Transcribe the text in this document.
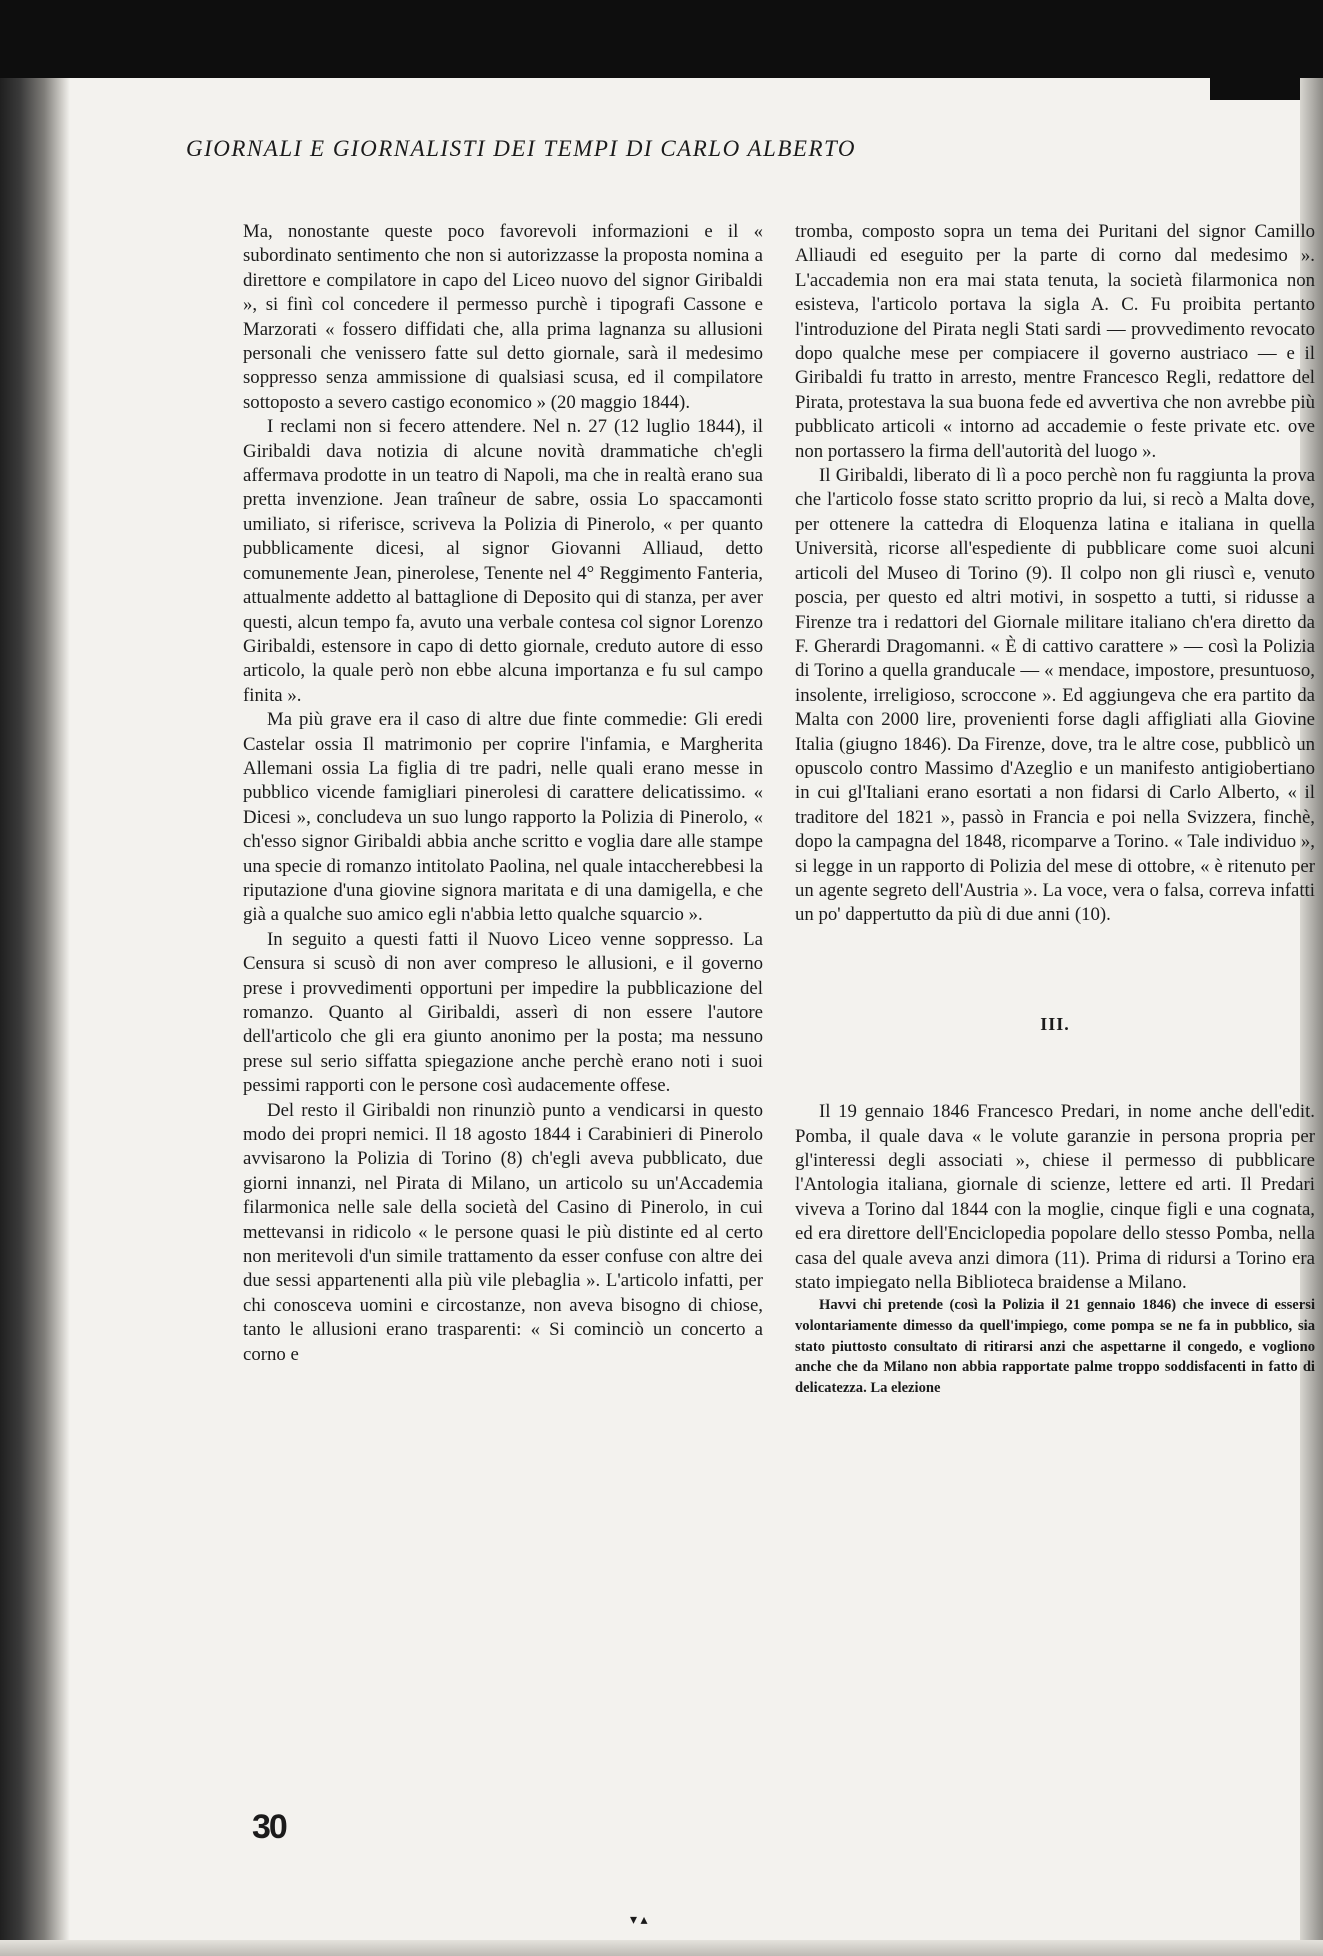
GIORNALI E GIORNALISTI DEI TEMPI DI CARLO ALBERTO

Ma, nonostante queste poco favorevoli informazioni e il « subordinato sentimento che non si autorizzasse la proposta nomina a direttore e compilatore in capo del Liceo nuovo del signor Giribaldi », si finì col concedere il permesso purchè i tipografi Cassone e Marzorati « fossero diffidati che, alla prima lagnanza su allusioni personali che venissero fatte sul detto giornale, sarà il medesimo soppresso senza ammissione di qualsiasi scusa, ed il compilatore sottoposto a severo castigo economico » (20 maggio 1844).

I reclami non si fecero attendere. Nel n. 27 (12 luglio 1844), il Giribaldi dava notizia di alcune novità drammatiche ch'egli affermava prodotte in un teatro di Napoli, ma che in realtà erano sua pretta invenzione. Jean traîneur de sabre, ossia Lo spaccamonti umiliato, si riferisce, scriveva la Polizia di Pinerolo, « per quanto pubblicamente dicesi, al signor Giovanni Alliaud, detto comunemente Jean, pinerolese, Tenente nel 4° Reggimento Fanteria, attualmente addetto al battaglione di Deposito qui di stanza, per aver questi, alcun tempo fa, avuto una verbale contesa col signor Lorenzo Giribaldi, estensore in capo di detto giornale, creduto autore di esso articolo, la quale però non ebbe alcuna importanza e fu sul campo finita ».

Ma più grave era il caso di altre due finte commedie: Gli eredi Castelar ossia Il matrimonio per coprire l'infamia, e Margherita Allemani ossia La figlia di tre padri, nelle quali erano messe in pubblico vicende famigliari pinerolesi di carattere delicatissimo. « Dicesi », concludeva un suo lungo rapporto la Polizia di Pinerolo, « ch'esso signor Giribaldi abbia anche scritto e voglia dare alle stampe una specie di romanzo intitolato Paolina, nel quale intaccherebbesi la riputazione d'una giovine signora maritata e di una damigella, e che già a qualche suo amico egli n'abbia letto qualche squarcio ».

In seguito a questi fatti il Nuovo Liceo venne soppresso. La Censura si scusò di non aver compreso le allusioni, e il governo prese i provvedimenti opportuni per impedire la pubblicazione del romanzo. Quanto al Giribaldi, asserì di non essere l'autore dell'articolo che gli era giunto anonimo per la posta; ma nessuno prese sul serio siffatta spiegazione anche perchè erano noti i suoi pessimi rapporti con le persone così audacemente offese.

Del resto il Giribaldi non rinunziò punto a vendicarsi in questo modo dei propri nemici. Il 18 agosto 1844 i Carabinieri di Pinerolo avvisarono la Polizia di Torino (8) ch'egli aveva pubblicato, due giorni innanzi, nel Pirata di Milano, un articolo su un'Accademia filarmonica nelle sale della società del Casino di Pinerolo, in cui mettevansi in ridicolo « le persone quasi le più distinte ed al certo non meritevoli d'un simile trattamento da esser confuse con altre dei due sessi appartenenti alla più vile plebaglia ». L'articolo infatti, per chi conosceva uomini e circostanze, non aveva bisogno di chiose, tanto le allusioni erano trasparenti: « Si cominciò un concerto a corno e

tromba, composto sopra un tema dei Puritani del signor Camillo Alliaudi ed eseguito per la parte di corno dal medesimo ». L'accademia non era mai stata tenuta, la società filarmonica non esisteva, l'articolo portava la sigla A. C. Fu proibita pertanto l'introduzione del Pirata negli Stati sardi — provvedimento revocato dopo qualche mese per compiacere il governo austriaco — e il Giribaldi fu tratto in arresto, mentre Francesco Regli, redattore del Pirata, protestava la sua buona fede ed avvertiva che non avrebbe più pubblicato articoli « intorno ad accademie o feste private etc. ove non portassero la firma dell'autorità del luogo ».

Il Giribaldi, liberato di lì a poco perchè non fu raggiunta la prova che l'articolo fosse stato scritto proprio da lui, si recò a Malta dove, per ottenere la cattedra di Eloquenza latina e italiana in quella Università, ricorse all'espediente di pubblicare come suoi alcuni articoli del Museo di Torino (9). Il colpo non gli riuscì e, venuto poscia, per questo ed altri motivi, in sospetto a tutti, si ridusse a Firenze tra i redattori del Giornale militare italiano ch'era diretto da F. Gherardi Dragomanni. « È di cattivo carattere » — così la Polizia di Torino a quella granducale — « mendace, impostore, presuntuoso, insolente, irreligioso, scroccone ». Ed aggiungeva che era partito da Malta con 2000 lire, provenienti forse dagli affigliati alla Giovine Italia (giugno 1846). Da Firenze, dove, tra le altre cose, pubblicò un opuscolo contro Massimo d'Azeglio e un manifesto antigiobertiano in cui gl'Italiani erano esortati a non fidarsi di Carlo Alberto, « il traditore del 1821 », passò in Francia e poi nella Svizzera, finchè, dopo la campagna del 1848, ricomparve a Torino. « Tale individuo », si legge in un rapporto di Polizia del mese di ottobre, « è ritenuto per un agente segreto dell'Austria ». La voce, vera o falsa, correva infatti un po' dappertutto da più di due anni (10).

III.

Il 19 gennaio 1846 Francesco Predari, in nome anche dell'edit. Pomba, il quale dava « le volute garanzie in persona propria per gl'interessi degli associati », chiese il permesso di pubblicare l'Antologia italiana, giornale di scienze, lettere ed arti. Il Predari viveva a Torino dal 1844 con la moglie, cinque figli e una cognata, ed era direttore dell'Enciclopedia popolare dello stesso Pomba, nella casa del quale aveva anzi dimora (11). Prima di ridursi a Torino era stato impiegato nella Biblioteca braidense a Milano.

Havvi chi pretende (così la Polizia il 21 gennaio 1846) che invece di essersi volontariamente dimesso da quell'impiego, come pompa se ne fa in pubblico, sia stato piuttosto consultato di ritirarsi anzi che aspettarne il congedo, e vogliono anche che da Milano non abbia rapportate palme troppo soddisfacenti in fatto di delicatezza. La elezione

30
▾ ▴
